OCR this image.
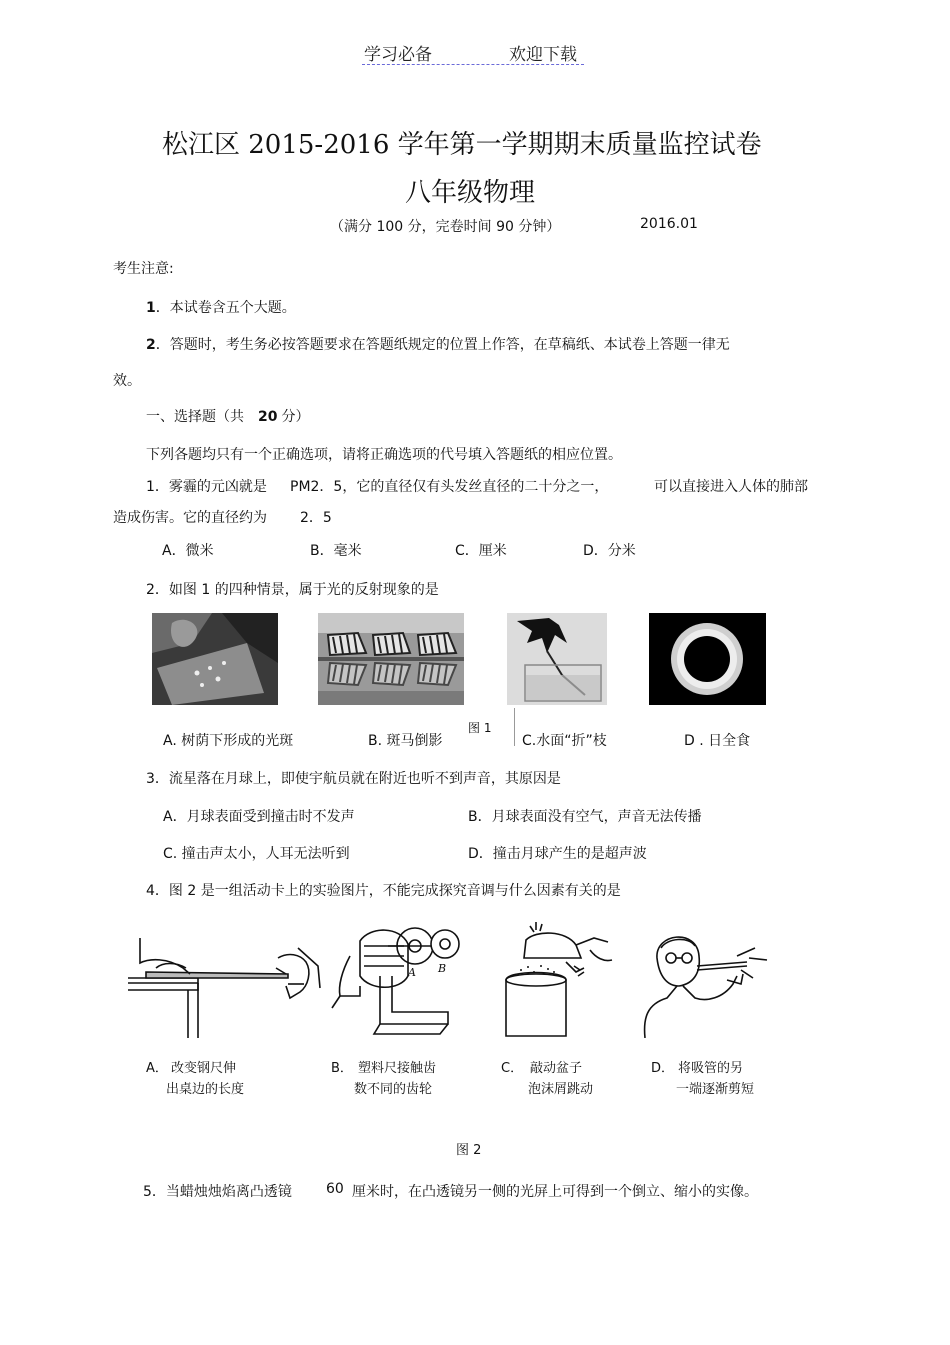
学习必备	欢迎下载
松江区 2015-2016 学年第一学期期末质量监控试卷
八年级物理
（满分 100 分，完卷时间 90 分钟）	2016.01
考生注意:
1．本试卷含五个大题。
2．答题时，考生务必按答题要求在答题纸规定的位置上作答，在草稿纸、本试卷上答题一律无
效。
一、选择题（共 20 分）
下列各题均只有一个正确选项，请将正确选项的代号填入答题纸的相应位置。
1．雾霾的元凶就是 PM2．5，它的直径仅有头发丝直径的二十分之一，	可以直接进入人体的肺部
造成伤害。它的直径约为 2．5
A．微米	B．毫米	C．厘米	D．分米
2．如图 1 的四种情景，属于光的反射现象的是
图 1
A. 树荫下形成的光斑	B. 斑马倒影	C.水面“折”枝	D . 日全食
3．流星落在月球上，即使宇航员就在附近也听不到声音，其原因是
A．月球表面受到撞击时不发声	B．月球表面没有空气，声音无法传播
C. 撞击声太小，人耳无法听到	D．撞击月球产生的是超声波
4．图 2 是一组活动卡上的实验图片，不能完成探究音调与什么因素有关的是
A B
A． 改变钢尺伸
出桌边的长度
B． 塑料尺接触齿
数不同的齿轮
C． 敲动盆子
泡沫屑跳动
D． 将吸管的另
一端逐渐剪短
图 2
5．当蜡烛烛焰离凸透镜 60 厘米时，在凸透镜另一侧的光屏上可得到一个倒立、缩小的实像。
